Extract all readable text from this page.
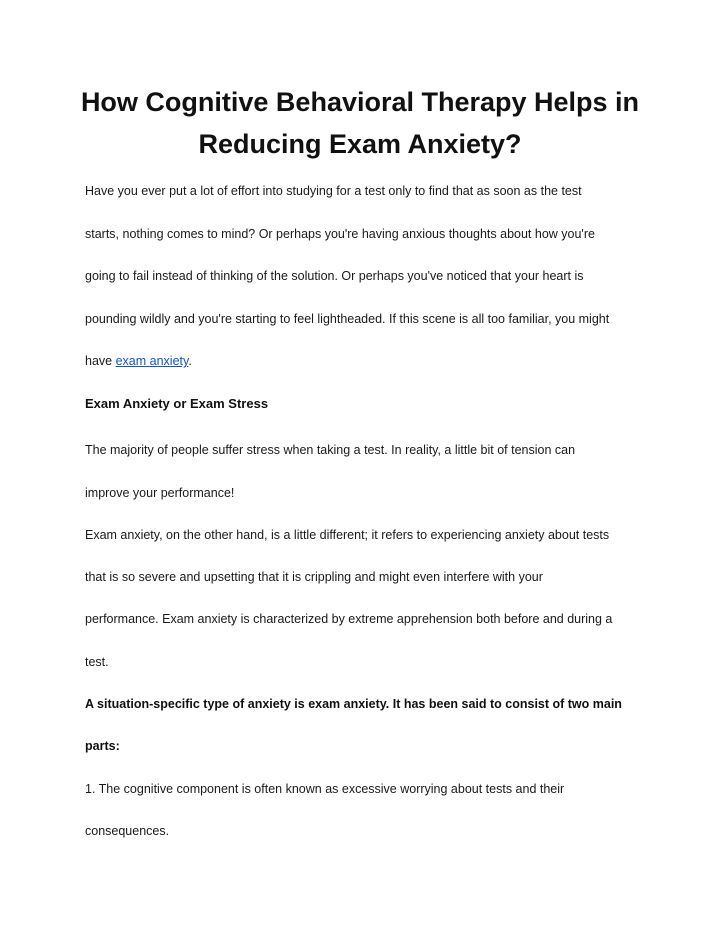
How Cognitive Behavioral Therapy Helps in
Reducing Exam Anxiety?
Have you ever put a lot of effort into studying for a test only to find that as soon as the test
starts, nothing comes to mind? Or perhaps you're having anxious thoughts about how you're
going to fail instead of thinking of the solution. Or perhaps you've noticed that your heart is
pounding wildly and you're starting to feel lightheaded. If this scene is all too familiar, you might
have exam anxiety.
Exam Anxiety or Exam Stress
The majority of people suffer stress when taking a test. In reality, a little bit of tension can
improve your performance!
Exam anxiety, on the other hand, is a little different; it refers to experiencing anxiety about tests
that is so severe and upsetting that it is crippling and might even interfere with your
performance. Exam anxiety is characterized by extreme apprehension both before and during a
test.
A situation-specific type of anxiety is exam anxiety. It has been said to consist of two main
parts:
1. The cognitive component is often known as excessive worrying about tests and their
consequences.
